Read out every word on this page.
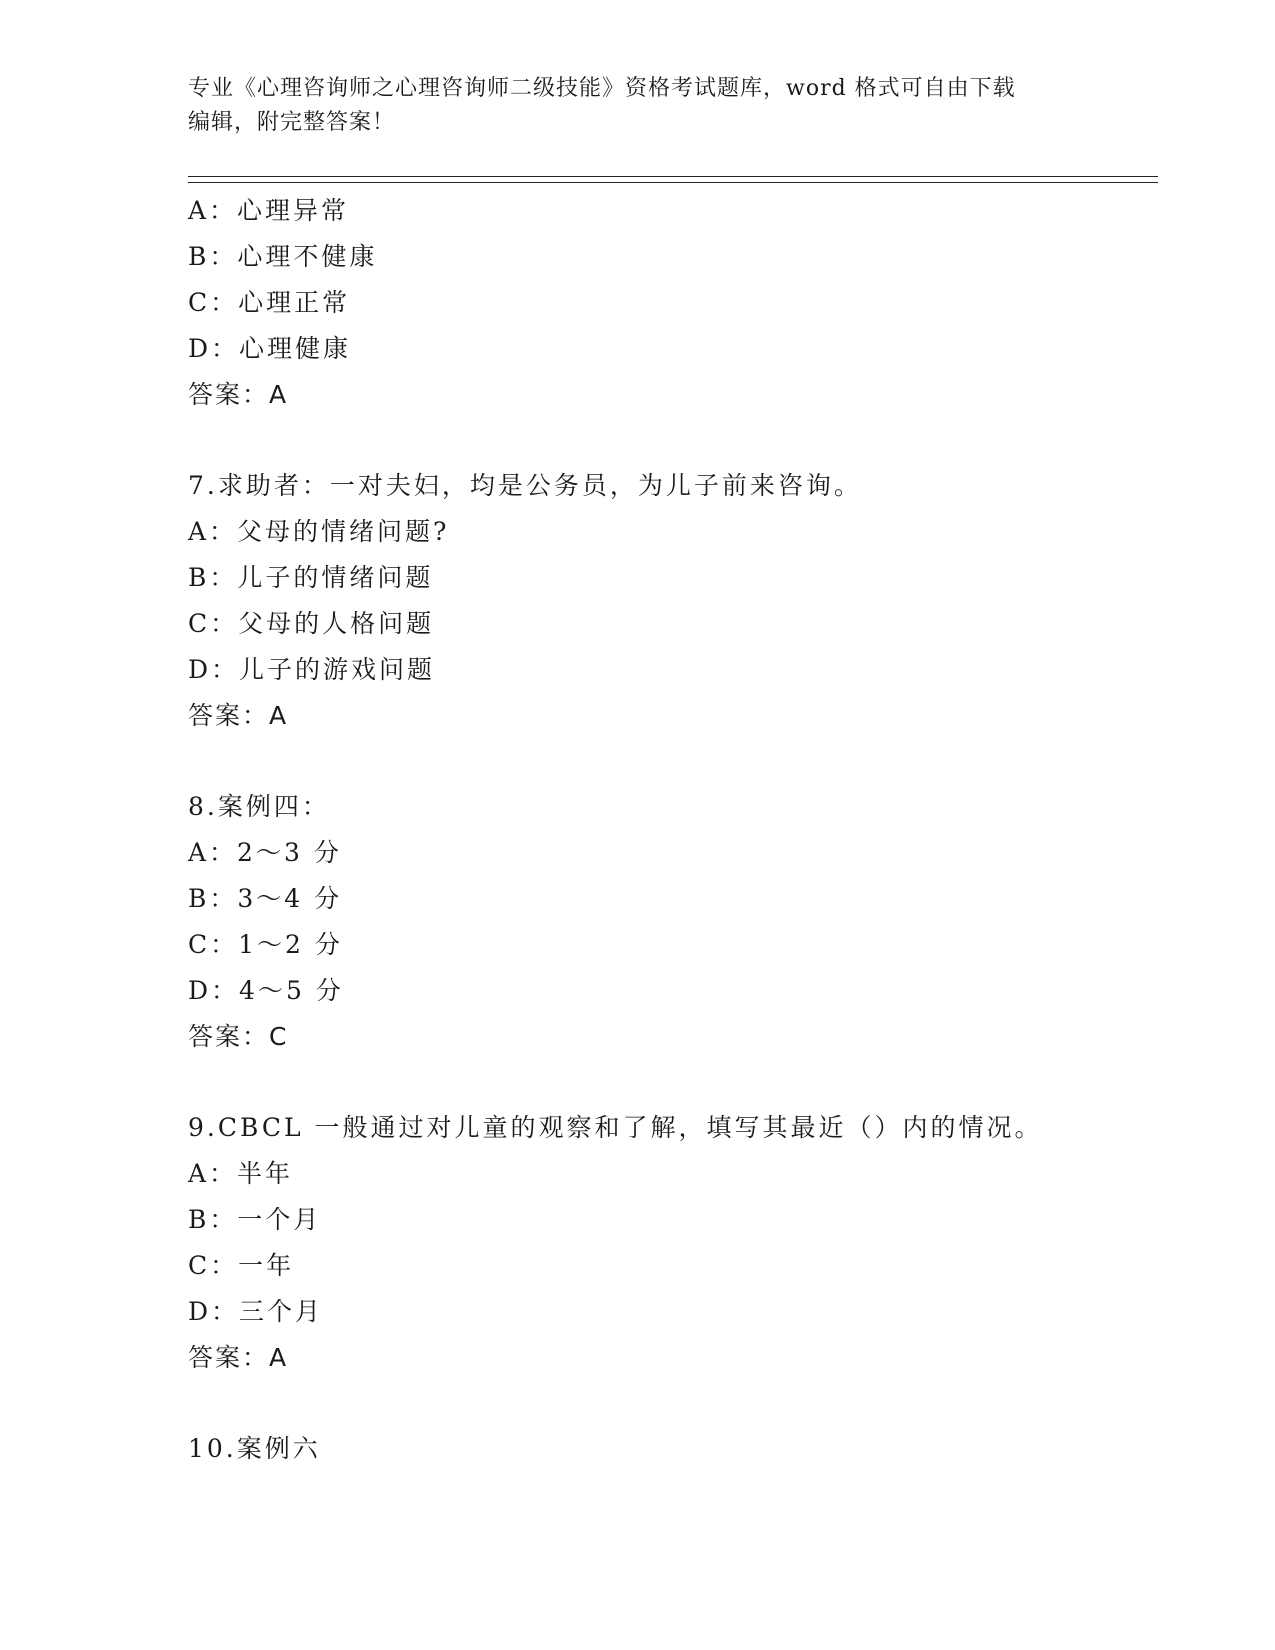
专业《心理咨询师之心理咨询师二级技能》资格考试题库，word 格式可自由下载
编辑，附完整答案！
A：心理异常
B：心理不健康
C：心理正常
D：心理健康
答案：A
7.求助者：一对夫妇，均是公务员，为儿子前来咨询。
A：父母的情绪问题?
B：儿子的情绪问题
C：父母的人格问题
D：儿子的游戏问题
答案：A
8.案例四：
A：2～3 分
B：3～4 分
C：1～2 分
D：4～5 分
答案：C
9.CBCL 一般通过对儿童的观察和了解，填写其最近（）内的情况。
A：半年
B：一个月
C：一年
D：三个月
答案：A
10.案例六
